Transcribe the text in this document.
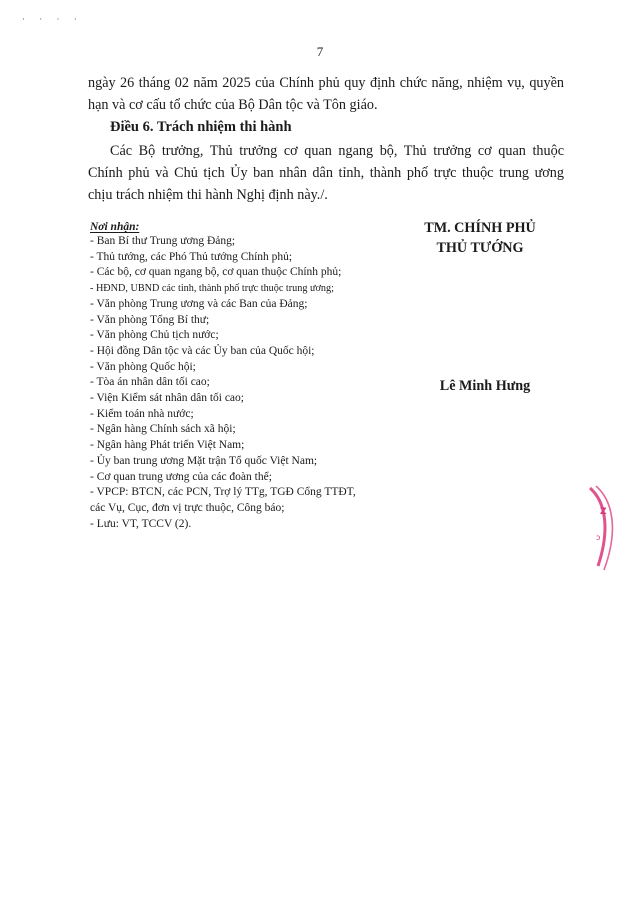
· · · ·
7
ngày 26 tháng 02 năm 2025 của Chính phủ quy định chức năng, nhiệm vụ, quyền
hạn và cơ cấu tổ chức của Bộ Dân tộc và Tôn giáo.
Điều 6. Trách nhiệm thi hành
Các Bộ trưởng, Thủ trưởng cơ quan ngang bộ, Thủ trưởng cơ quan thuộc
Chính phủ và Chủ tịch Ủy ban nhân dân tỉnh, thành phố trực thuộc trung ương
chịu trách nhiệm thi hành Nghị định này./.
Nơi nhận:
- Ban Bí thư Trung ương Đảng;
- Thủ tướng, các Phó Thủ tướng Chính phủ;
- Các bộ, cơ quan ngang bộ, cơ quan thuộc Chính phủ;
- HĐND, UBND các tỉnh, thành phố trực thuộc trung ương;
- Văn phòng Trung ương và các Ban của Đảng;
- Văn phòng Tổng Bí thư;
- Văn phòng Chủ tịch nước;
- Hội đồng Dân tộc và các Ủy ban của Quốc hội;
- Văn phòng Quốc hội;
- Tòa án nhân dân tối cao;
- Viện Kiểm sát nhân dân tối cao;
- Kiểm toán nhà nước;
- Ngân hàng Chính sách xã hội;
- Ngân hàng Phát triển Việt Nam;
- Ủy ban trung ương Mặt trận Tổ quốc Việt Nam;
- Cơ quan trung ương của các đoàn thể;
- VPCP: BTCN, các PCN, Trợ lý TTg, TGĐ Cổng TTĐT,
các Vụ, Cục, đơn vị trực thuộc, Công báo;
- Lưu: VT, TCCV (2).
TM. CHÍNH PHỦ
THỦ TƯỚNG
Lê Minh Hưng
Z
ɔ
